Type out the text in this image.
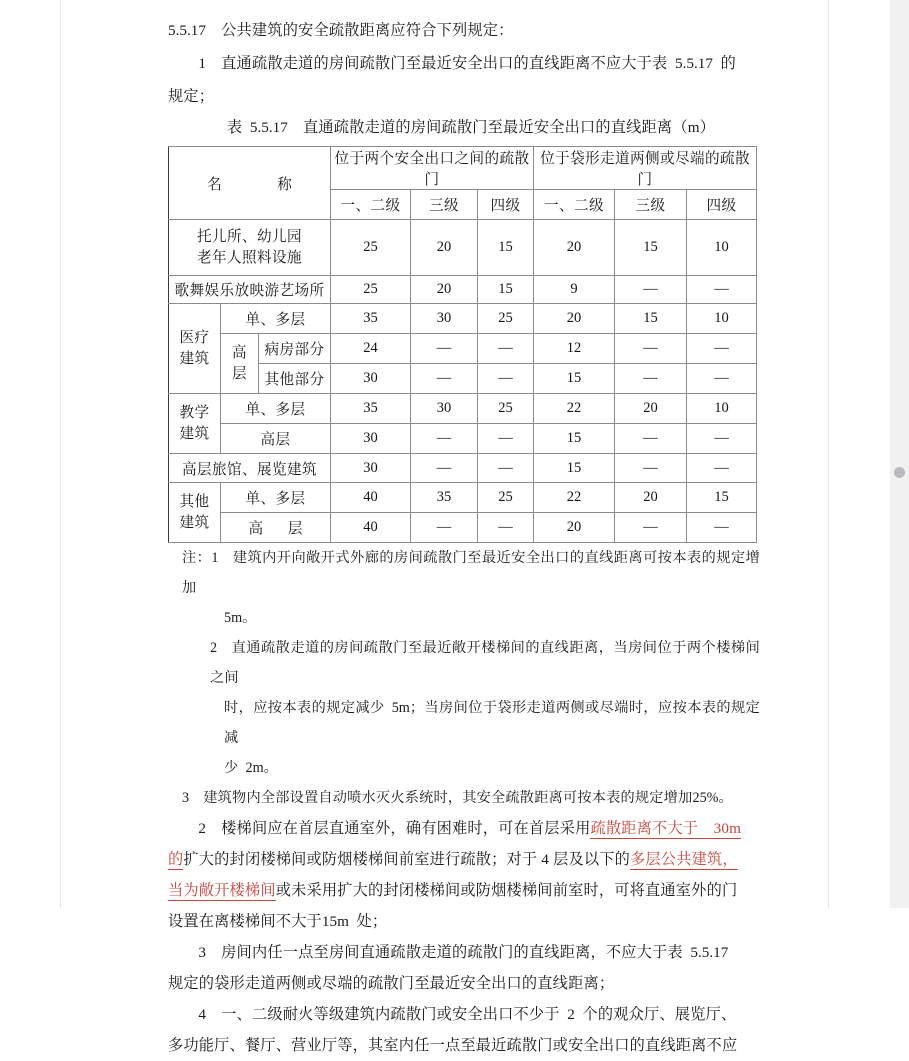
5.5.17 公共建筑的安全疏散距离应符合下列规定：

1 直通疏散走道的房间疏散门至最近安全出口的直线距离不应大于表 5.5.17 的

规定；

表 5.5.17 直通疏散走道的房间疏散门至最近安全出口的直线距离（m）

名　　称			位于两个安全出口之间的疏散门			位于袋形走道两侧或尽端的疏散门		
			一、二级	三级	四级	一、二级	三级	四级

托儿所、幼儿园
老年人照料设施			25	20	15	20	15	10
歌舞娱乐放映游艺场所			25	20	15	9	—	—

医疗
建筑	单、多层		35	30	25	20	15	10

	高
层	病房部分	24	—	—	12	—	—
		其他部分	30	—	—	15	—	—

教学
建筑	单、多层		35	30	25	22	20	10
	高层		30	—	—	15	—	—
高层旅馆、展览建筑			30	—	—	15	—	—

其他
建筑	单、多层		40	35	25	22	20	15
	高　层		40	—	—	20	—	—

注：1 建筑内开向敞开式外廊的房间疏散门至最近安全出口的直线距离可按本表的规定增加

5m。

2 直通疏散走道的房间疏散门至最近敞开楼梯间的直线距离，当房间位于两个楼梯间之间

时，应按本表的规定减少 5m；当房间位于袋形走道两侧或尽端时，应按本表的规定减

少 2m。

3 建筑物内全部设置自动喷水灭火系统时，其安全疏散距离可按本表的规定增加25%。

2 楼梯间应在首层直通室外，确有困难时，可在首层采用疏散距离不大于　30m

的扩大的封闭楼梯间或防烟楼梯间前室进行疏散；对于 4 层及以下的多层公共建筑，

当为敞开楼梯间或未采用扩大的封闭楼梯间或防烟楼梯间前室时，可将直通室外的门

设置在离楼梯间不大于15m 处；

3 房间内任一点至房间直通疏散走道的疏散门的直线距离，不应大于表 5.5.17

规定的袋形走道两侧或尽端的疏散门至最近安全出口的直线距离；

4 一、二级耐火等级建筑内疏散门或安全出口不少于 2 个的观众厅、展览厅、

多功能厅、餐厅、营业厅等，其室内任一点至最近疏散门或安全出口的直线距离不应
